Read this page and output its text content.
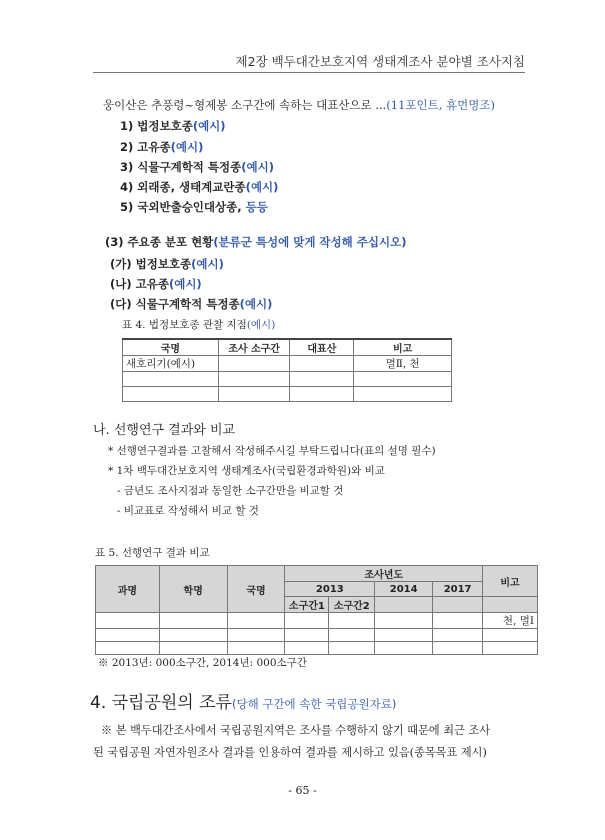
제2장 백두대간보호지역 생태계조사 분야별 조사지침
웅이산은 추풍령~형제봉 소구간에 속하는 대표산으로 ...(11포인트, 휴먼명조)
1) 법정보호종(예시)
2) 고유종(예시)
3) 식물구계학적 특정종(예시)
4) 외래종, 생태계교란종(예시)
5) 국외반출승인대상종, 등등
(3) 주요종 분포 현황(분류군 특성에 맞게 작성해 주십시오)
(가) 법정보호종(예시)
(나) 고유종(예시)
(다) 식물구계학적 특정종(예시)
표 4. 법정보호종 관찰 지점(예시)
국명	조사 소구간	대표산	비고
새호리기(예시)			멸Ⅱ, 천

나. 선행연구 결과와 비교
* 선행연구결과를 고찰해서 작성해주시길 부탁드립니다(표의 설명 필수)
* 1차 백두대간보호지역 생태계조사(국립환경과학원)와 비교
- 금년도 조사지점과 동일한 소구간만을 비교할 것
- 비교표로 작성해서 비교 할 것
표 5. 선행연구 결과 비교
과명	학명	국명	조사년도				비고
			2013		2014	2017	
			소구간1	소구간2			
							천, 멸Ⅰ

※ 2013년: 000소구간, 2014년: 000소구간
4. 국립공원의 조류(당해 구간에 속한 국립공원자료)
※ 본 백두대간조사에서 국립공원지역은 조사를 수행하지 않기 때문에 최근 조사
된 국립공원 자연자원조사 결과를 인용하여 결과를 제시하고 있음(종목목표 제시)
- 65 -
